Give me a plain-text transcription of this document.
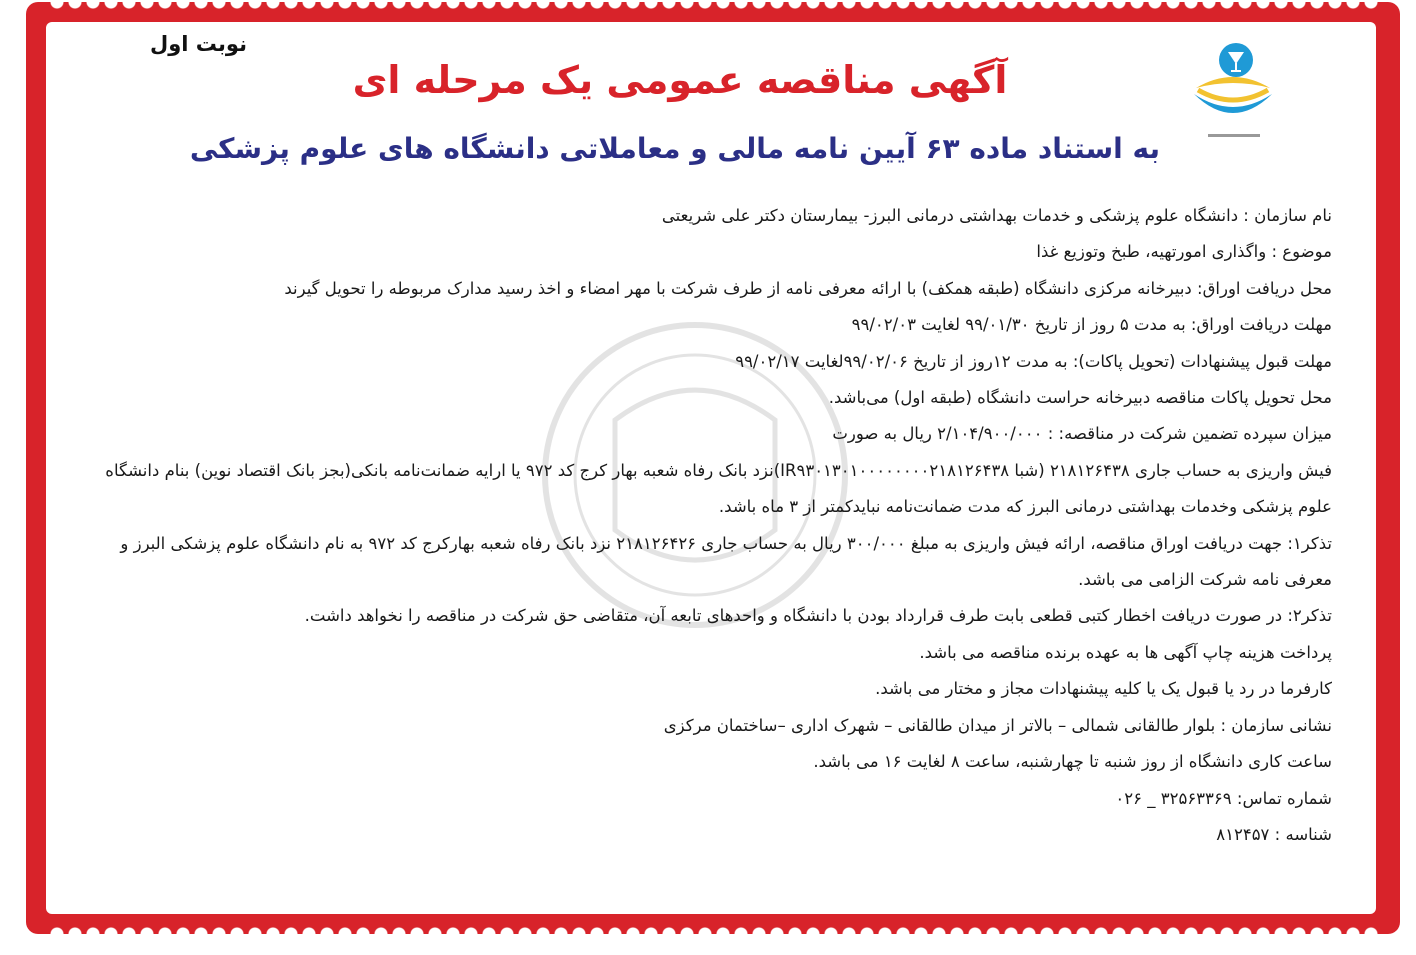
نوبت اول
آگهی مناقصه عمومی یک مرحله ای
به استناد ماده ۶۳ آیین نامه مالی و معاملاتی دانشگاه های علوم پزشکی
نام سازمان : دانشگاه علوم پزشکی و خدمات بهداشتی درمانی البرز- بیمارستان دکتر علی شریعتی
موضوع : واگذاری امورتهیه، طبخ وتوزیع غذا
محل دریافت اوراق: دبیرخانه مرکزی دانشگاه (طبقه همکف) با ارائه معرفی نامه از طرف شرکت با مهر امضاء و اخذ رسید مدارک مربوطه را تحویل گیرند
مهلت دریافت اوراق: به مدت ۵ روز از تاریخ ۹۹/۰۱/۳۰ لغایت ۹۹/۰۲/۰۳
مهلت قبول پیشنهادات (تحویل پاکات): به مدت ۱۲روز از تاریخ ۹۹/۰۲/۰۶لغایت ۹۹/۰۲/۱۷
محل تحویل پاکات مناقصه دبیرخانه حراست دانشگاه (طبقه اول) می‌باشد.
میزان سپرده تضمین شرکت در مناقصه: : ۲/۱۰۴/۹۰۰/۰۰۰ ریال به صورت
فیش واریزی به حساب جاری ۲۱۸۱۲۶۴۳۸ (شبا IR۹۳۰۱۳۰۱۰۰۰۰۰۰۰۰۲۱۸۱۲۶۴۳۸)نزد بانک رفاه شعبه بهار کرج کد ۹۷۲ یا ارایه ضمانت‌نامه بانکی(بجز بانک اقتصاد نوین) بنام دانشگاه علوم پزشکی وخدمات بهداشتی درمانی البرز که مدت ضمانت‌نامه نبایدکمتر از ۳ ماه باشد.
تذکر۱: جهت دریافت اوراق مناقصه، ارائه فیش واریزی به مبلغ ۳۰۰/۰۰۰ ریال به حساب جاری ۲۱۸۱۲۶۴۲۶ نزد بانک رفاه شعبه بهارکرج کد ۹۷۲ به نام دانشگاه علوم پزشکی البرز و معرفی نامه شرکت الزامی می باشد.
تذکر۲: در صورت دریافت اخطار کتبی قطعی بابت طرف قرارداد بودن با دانشگاه و واحدهای تابعه آن، متقاضی حق شرکت در مناقصه را نخواهد داشت.
پرداخت هزینه چاپ آگهی ها به عهده برنده مناقصه می باشد.
کارفرما در رد یا قبول یک یا کلیه پیشنهادات مجاز و مختار می باشد.
نشانی سازمان : بلوار طالقانی شمالی – بالاتر از میدان طالقانی – شهرک اداری –ساختمان مرکزی
ساعت کاری دانشگاه از روز شنبه تا چهارشنبه، ساعت ۸ لغایت ۱۶ می باشد.
شماره تماس: ۳۲۵۶۳۳۶۹ _ ۰۲۶
شناسه : ۸۱۲۴۵۷
